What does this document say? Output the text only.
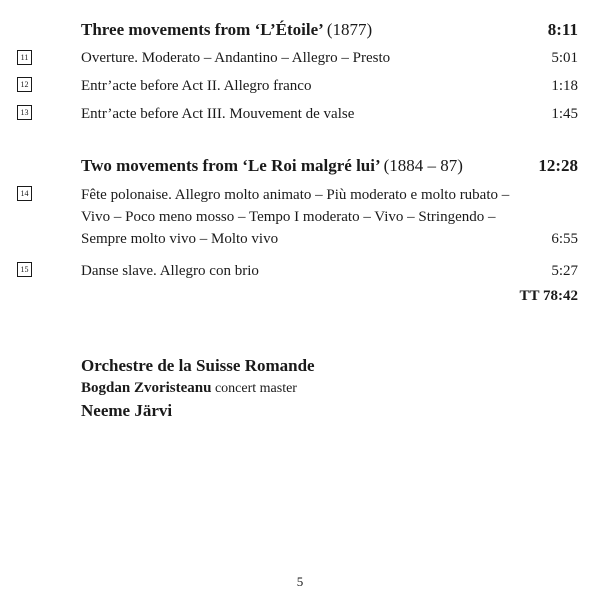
Three movements from ‘L’Étoile’ (1877)	8:11
11	Overture. Moderato – Andantino – Allegro – Presto	5:01
12	Entr’acte before Act II. Allegro franco	1:18
13	Entr’acte before Act III. Mouvement de valse	1:45
Two movements from ‘Le Roi malgré lui’ (1884 – 87)	12:28
14	Fête polonaise. Allegro molto animato – Più moderato e molto rubato –
Vivo – Poco meno mosso – Tempo I moderato – Vivo – Stringendo –
Sempre molto vivo – Molto vivo	6:55
15	Danse slave. Allegro con brio	5:27
TT 78:42
Orchestre de la Suisse Romande
Bogdan Zvoristeanu concert master
Neeme Järvi
5
